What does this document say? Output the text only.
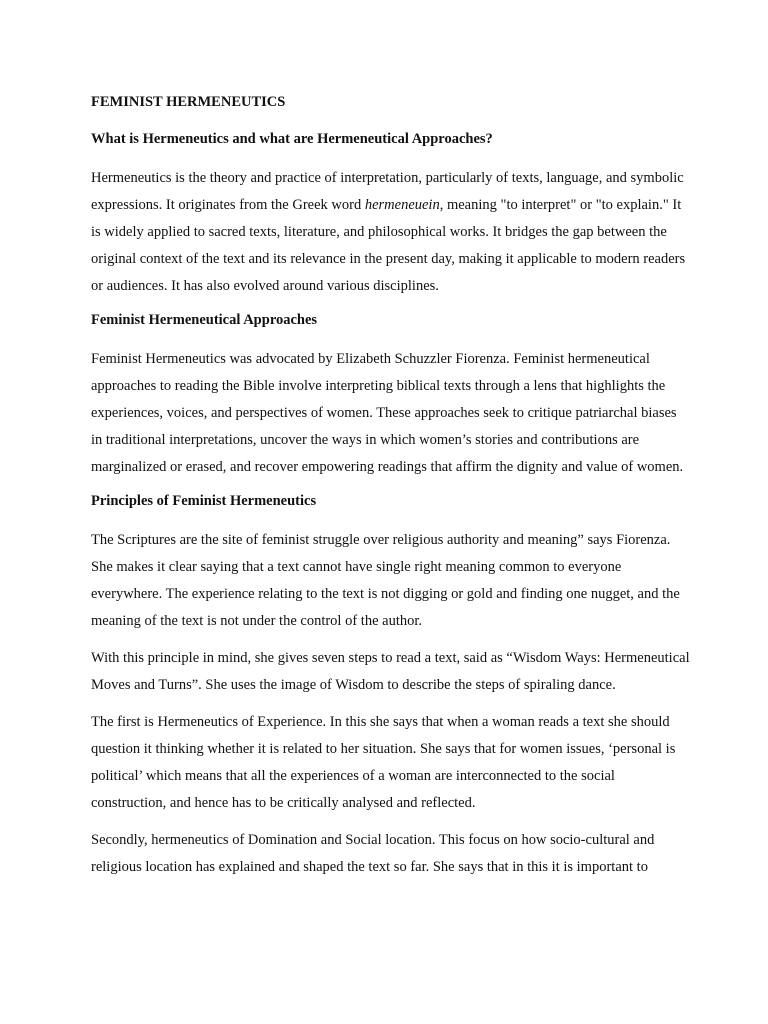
FEMINIST HERMENEUTICS
What is Hermeneutics and what are Hermeneutical Approaches?

Hermeneutics is the theory and practice of interpretation, particularly of texts, language, and symbolic expressions. It originates from the Greek word hermeneuein, meaning "to interpret" or "to explain." It is widely applied to sacred texts, literature, and philosophical works. It bridges the gap between the original context of the text and its relevance in the present day, making it applicable to modern readers or audiences. It has also evolved around various disciplines.

Feminist Hermeneutical Approaches

Feminist Hermeneutics was advocated by Elizabeth Schuzzler Fiorenza. Feminist hermeneutical approaches to reading the Bible involve interpreting biblical texts through a lens that highlights the experiences, voices, and perspectives of women. These approaches seek to critique patriarchal biases in traditional interpretations, uncover the ways in which women’s stories and contributions are marginalized or erased, and recover empowering readings that affirm the dignity and value of women.

Principles of Feminist Hermeneutics

The Scriptures are the site of feminist struggle over religious authority and meaning” says Fiorenza. She makes it clear saying that a text cannot have single right meaning common to everyone everywhere. The experience relating to the text is not digging or gold and finding one nugget, and the meaning of the text is not under the control of the author.

With this principle in mind, she gives seven steps to read a text, said as “Wisdom Ways: Hermeneutical Moves and Turns”. She uses the image of Wisdom to describe the steps of spiraling dance.

The first is Hermeneutics of Experience. In this she says that when a woman reads a text she should question it thinking whether it is related to her situation. She says that for women issues, ‘personal is political’ which means that all the experiences of a woman are interconnected to the social construction, and hence has to be critically analysed and reflected.

Secondly, hermeneutics of Domination and Social location. This focus on how socio-cultural and religious location has explained and shaped the text so far. She says that in this it is important to
